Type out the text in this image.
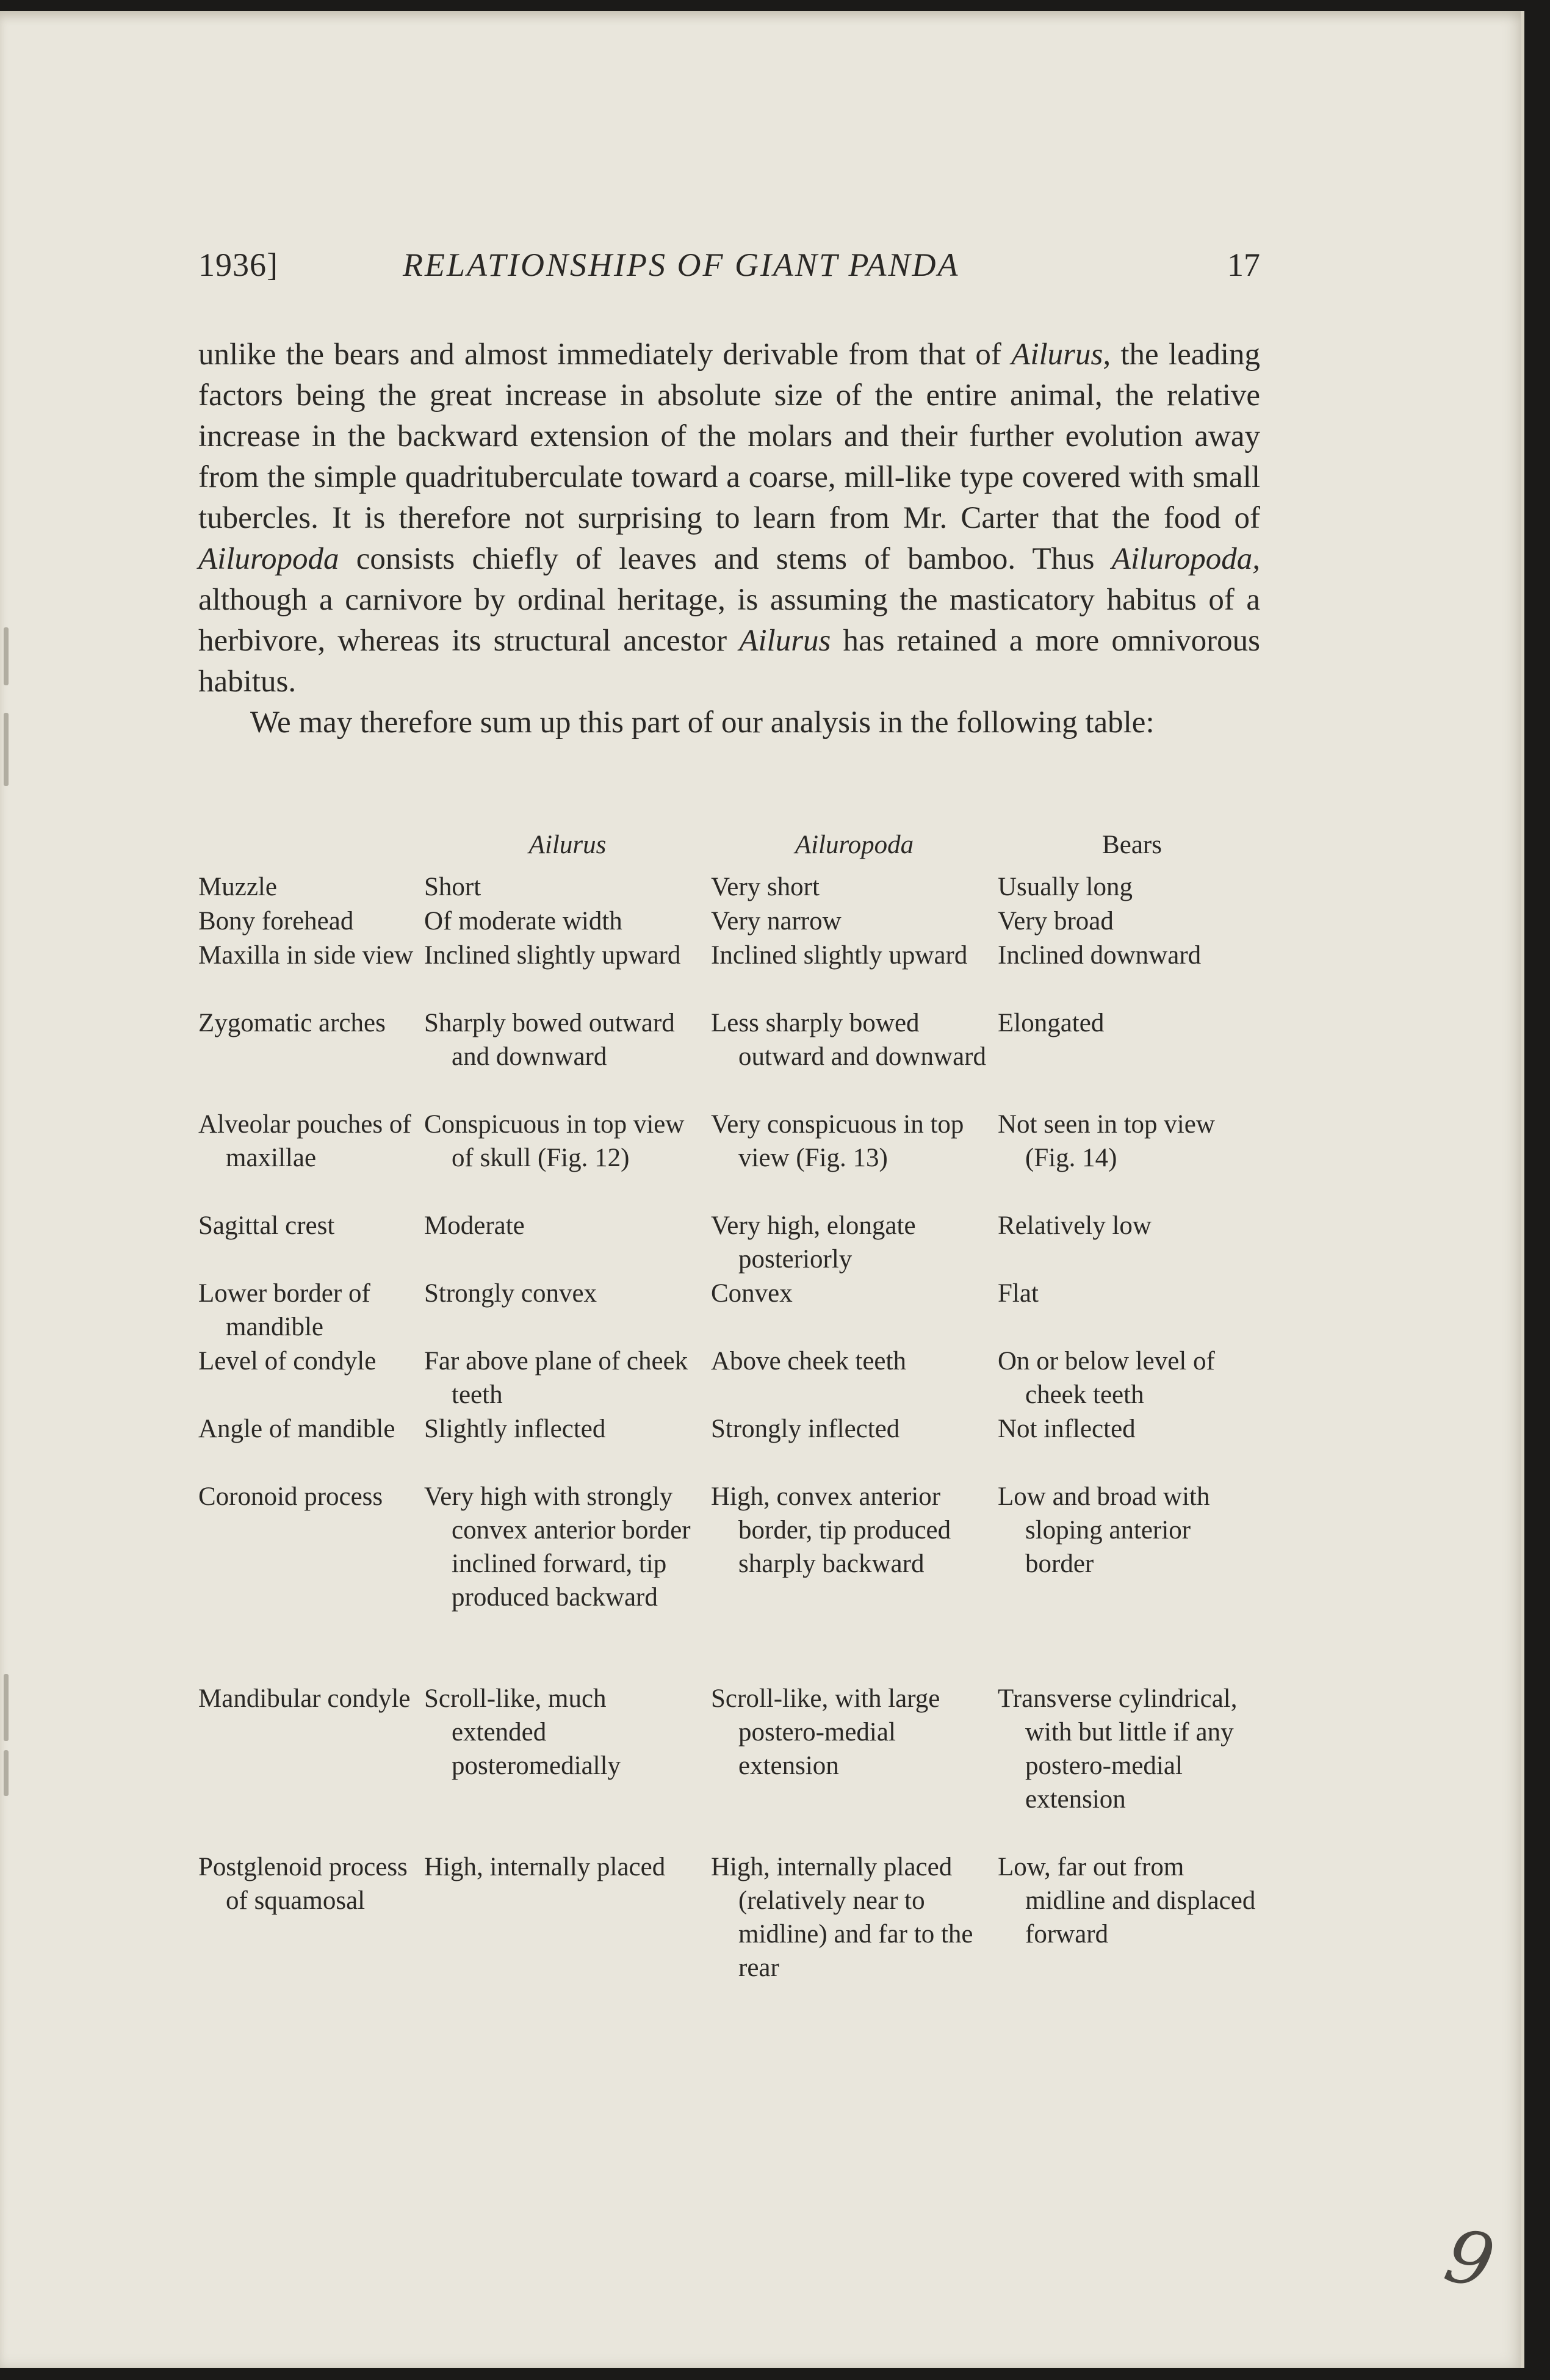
1936]	RELATIONSHIPS OF GIANT PANDA	17

unlike the bears and almost immediately derivable from that of Ailurus, the leading factors being the great increase in absolute size of the entire animal, the relative increase in the backward extension of the molars and their further evolution away from the simple quadrituberculate toward a coarse, mill-like type covered with small tubercles. It is therefore not surprising to learn from Mr. Carter that the food of Ailuropoda consists chiefly of leaves and stems of bamboo. Thus Ailuropoda, although a carnivore by ordinal heritage, is assuming the masticatory habitus of a herbivore, whereas its structural ancestor Ailurus has retained a more omnivorous habitus.

We may therefore sum up this part of our analysis in the following table:

	Ailurus	Ailuropoda	Bears

Muzzle	Short	Very short	Usually long

Bony forehead	Of moderate width	Very narrow	Very broad

Maxilla in side view	Inclined slightly upward	Inclined slightly upward	Inclined downward

Zygomatic arches	Sharply bowed outward and downward	Less sharply bowed outward and downward	Elongated

Alveolar pouches of maxillae	Conspicuous in top view of skull (Fig. 12)	Very conspicuous in top view (Fig. 13)	Not seen in top view (Fig. 14)

Sagittal crest	Moderate	Very high, elongate posteriorly	Relatively low

Lower border of mandible	Strongly convex	Convex	Flat

Level of condyle	Far above plane of cheek teeth	Above cheek teeth	On or below level of cheek teeth

Angle of mandible	Slightly inflected	Strongly inflected	Not inflected

Coronoid process	Very high with strongly convex anterior border inclined forward, tip produced backward	High, convex anterior border, tip produced sharply backward	Low and broad with sloping anterior border

Mandibular condyle	Scroll-like, much extended posteromedially	Scroll-like, with large postero-medial extension	Transverse cylindrical, with but little if any postero-medial extension

Postglenoid process of squamosal	High, internally placed	High, internally placed (relatively near to midline) and far to the rear	Low, far out from midline and displaced forward
9
